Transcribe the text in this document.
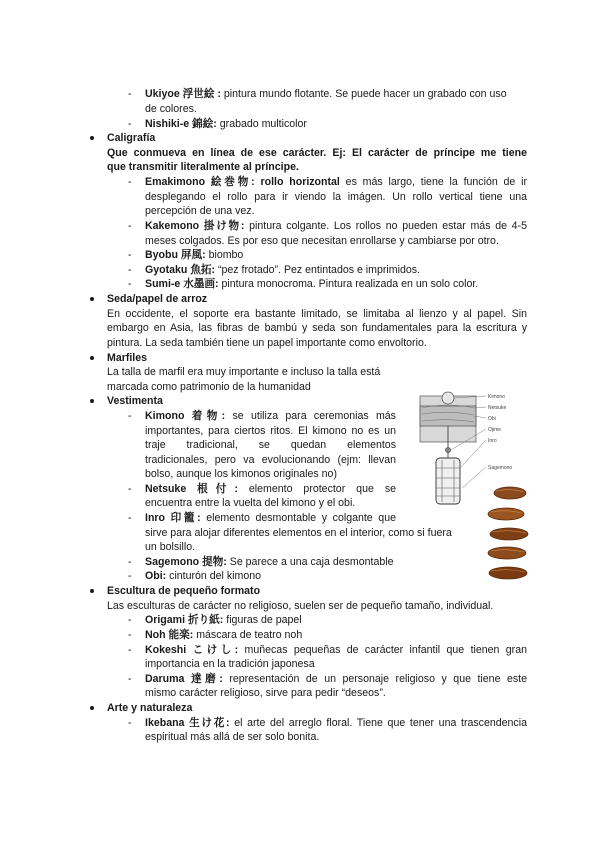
-	Ukiyoe 浮世絵 : pintura mundo flotante. Se puede hacer un grabado con uso
de colores.
-	Nishiki-e 錦絵: grabado multicolor
Caligrafía
Que conmueva en línea de ese carácter. Ej: El carácter de príncipe me tiene
que transmitir literalmente al príncipe.
-	Emakimono 絵巻物: rollo horizontal es más largo, tiene la función de ir
desplegando el rollo para ir viendo la imágen. Un rollo vertical tiene una
percepción de una vez.
-	Kakemono 掛け物: pintura colgante. Los rollos no pueden estar más de 4-5
meses colgados. Es por eso que necesitan enrollarse y cambiarse por otro.
-	Byobu 屏風: biombo
-	Gyotaku 魚拓: “pez frotado”. Pez entintados e imprimidos.
-	Sumi-e 水墨画: pintura monocroma. Pintura realizada en un solo color.
Seda/papel de arroz
En occidente, el soporte era bastante limitado, se limitaba al lienzo y al papel. Sin
embargo en Asia, las fibras de bambú y seda son fundamentales para la escritura y
pintura. La seda también tiene un papel importante como envoltorio.
Marfiles
La talla de marfil era muy importante e incluso la talla está
marcada como patrimonio de la humanidad
Vestimenta
-	Kimono 着物: se utiliza para ceremonias más
importantes, para ciertos ritos. El kimono no es un
traje tradicional, se quedan elementos
tradicionales, pero va evolucionando (ejm: llevan
bolso, aunque los kimonos originales no)
-	Netsuke 根付: elemento protector que se
encuentra entre la vuelta del kimono y el obi.
-	Inro 印籠: elemento desmontable y colgante que
sirve para alojar diferentes elementos en el interior, como si fuera
un bolsillo.
-	Sagemono 提物: Se parece a una caja desmontable
-	Obi: cinturón del kimono
Escultura de pequeño formato
Las esculturas de carácter no religioso, suelen ser de pequeño tamaño, individual.
-	Origami 折り紙: figuras de papel
-	Noh 能楽: máscara de teatro noh
-	Kokeshi こけし: muñecas pequeñas de carácter infantil que tienen gran
importancia en la tradición japonesa
-	Daruma 達磨: representación de un personaje religioso y que tiene este
mismo carácter religioso, sirve para pedir “deseos”.
Arte y naturaleza
-	Ikebana 生け花: el arte del arreglo floral. Tiene que tener una trascendencia
espiritual más allá de ser solo bonita.
Kimono
Netsuke
Obi
Ojime
Inro
Sagemono
